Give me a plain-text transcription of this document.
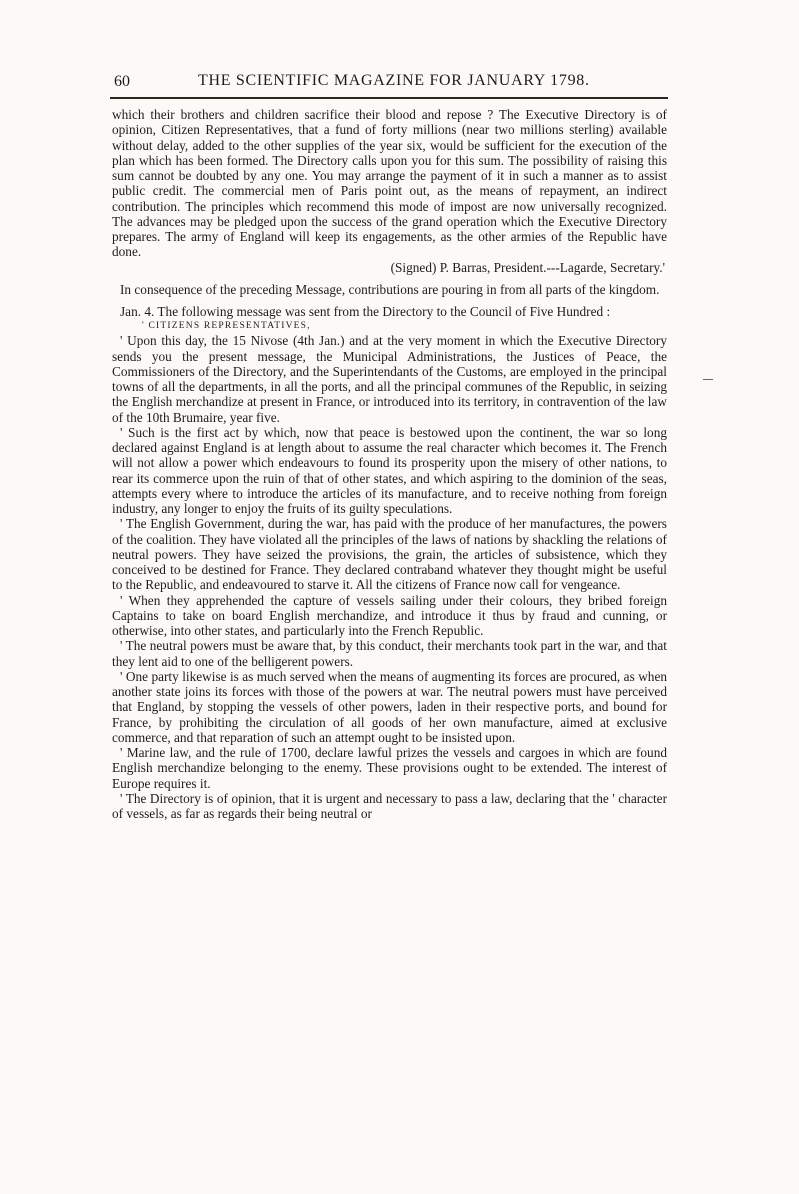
60	THE SCIENTIFIC MAGAZINE FOR JANUARY 1798.

which their brothers and children sacrifice their blood and repose ? The Executive Directory is of opinion, Citizen Representatives, that a fund of forty millions (near two millions sterling) available without delay, added to the other supplies of the year six, would be sufficient for the execution of the plan which has been formed. The Directory calls upon you for this sum. The possibility of raising this sum cannot be doubted by any one. You may arrange the payment of it in such a manner as to assist public credit. The commercial men of Paris point out, as the means of repayment, an indirect contribution. The principles which recommend this mode of impost are now universally recognized. The advances may be pledged upon the success of the grand operation which the Executive Directory prepares. The army of England will keep its engagements, as the other armies of the Republic have done.

(Signed) P. Barras, President.---Lagarde, Secretary.'

In consequence of the preceding Message, contributions are pouring in from all parts of the kingdom.

Jan. 4. The following message was sent from the Directory to the Council of Five Hundred :

' CITIZENS REPRESENTATIVES,

' Upon this day, the 15 Nivose (4th Jan.) and at the very moment in which the Executive Directory sends you the present message, the Municipal Administrations, the Justices of Peace, the Commissioners of the Directory, and the Superintendants of the Customs, are employed in the principal towns of all the departments, in all the ports, and all the principal communes of the Republic, in seizing the English merchandize at present in France, or introduced into its territory, in contravention of the law of the 10th Brumaire, year five.

' Such is the first act by which, now that peace is bestowed upon the continent, the war so long declared against England is at length about to assume the real character which becomes it. The French will not allow a power which endeavours to found its prosperity upon the misery of other nations, to rear its commerce upon the ruin of that of other states, and which aspiring to the dominion of the seas, attempts every where to introduce the articles of its manufacture, and to receive nothing from foreign industry, any longer to enjoy the fruits of its guilty speculations.

' The English Government, during the war, has paid with the produce of her manufactures, the powers of the coalition. They have violated all the principles of the laws of nations by shackling the relations of neutral powers. They have seized the provisions, the grain, the articles of subsistence, which they conceived to be destined for France. They declared contraband whatever they thought might be useful to the Republic, and endeavoured to starve it. All the citizens of France now call for vengeance.

' When they apprehended the capture of vessels sailing under their colours, they bribed foreign Captains to take on board English merchandize, and introduce it thus by fraud and cunning, or otherwise, into other states, and particularly into the French Republic.

' The neutral powers must be aware that, by this conduct, their merchants took part in the war, and that they lent aid to one of the belligerent powers.

' One party likewise is as much served when the means of augmenting its forces are procured, as when another state joins its forces with those of the powers at war. The neutral powers must have perceived that England, by stopping the vessels of other powers, laden in their respective ports, and bound for France, by prohibiting the circulation of all goods of her own manufacture, aimed at exclusive commerce, and that reparation of such an attempt ought to be insisted upon.

' Marine law, and the rule of 1700, declare lawful prizes the vessels and cargoes in which are found English merchandize belonging to the enemy. These provisions ought to be extended. The interest of Europe requires it.

' The Directory is of opinion, that it is urgent and necessary to pass a law, declaring that the ' character of vessels, as far as regards their being neutral or
